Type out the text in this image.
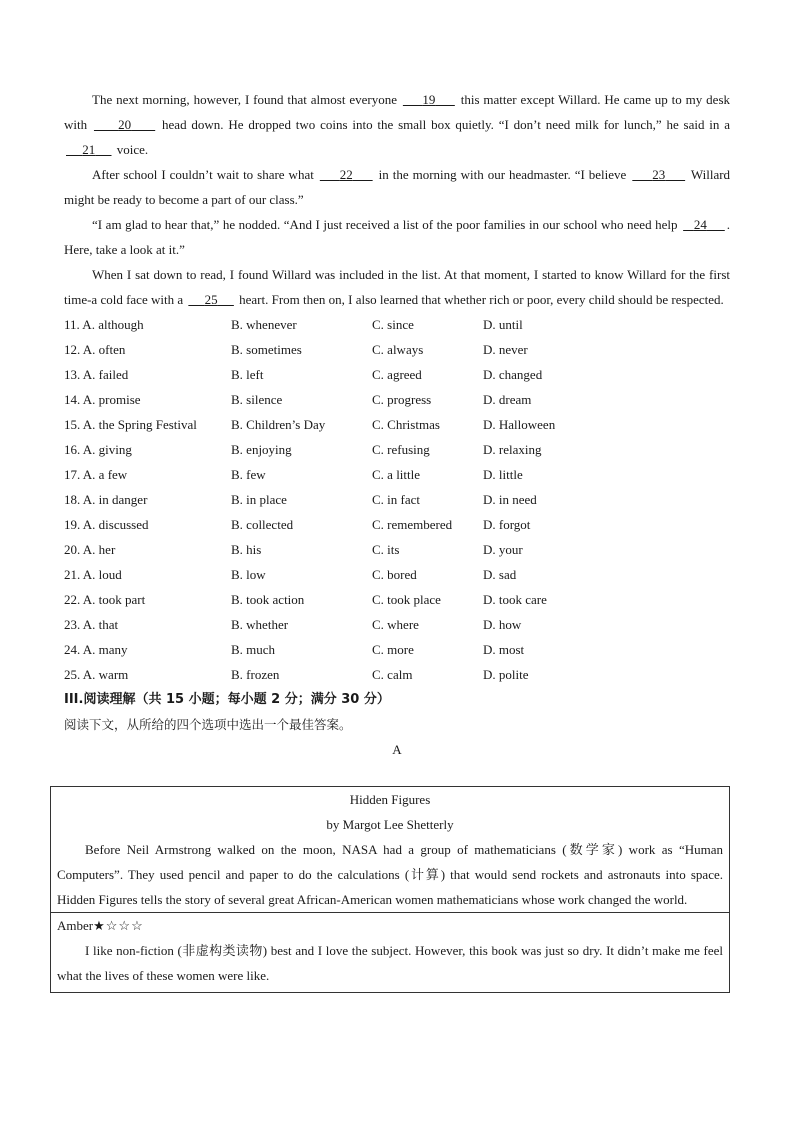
The next morning, however, I found that almost everyone 19 this matter except Willard. He came up to my desk with 20 head down. He dropped two coins into the small box quietly. “I don’t need milk for lunch,” he said in a      21 voice.

After school I couldn’t wait to share what 22 in the morning with our headmaster. “I believe 23 Willard might be ready to become a part of our class.”

“I am glad to hear that,” he nodded. “And I just received a list of the poor families in our school who need help 24 . Here, take a look at it.”

When I sat down to read, I found Willard was included in the list. At that moment, I started to know Willard for the first time-a cold face with a 25 heart. From then on, I also learned that whether rich or poor, every child should be respected.

11. A. although	B. whenever	C. since	D. until
12. A. often	B. sometimes	C. always	D. never
13. A. failed	B. left	C. agreed	D. changed
14. A. promise	B. silence	C. progress	D. dream
15. A. the Spring Festival	B. Children’s Day	C. Christmas	D. Halloween
16. A. giving	B. enjoying	C. refusing	D. relaxing
17. A. a few	B. few	C. a little	D. little
18. A. in danger	B. in place	C. in fact	D. in need
19. A. discussed	B. collected	C. remembered	D. forgot
20. A. her	B. his	C. its	D. your
21. A. loud	B. low	C. bored	D. sad
22. A. took part	B. took action	C. took place	D. took care
23. A. that	B. whether	C. where	D. how
24. A. many	B. much	C. more	D. most
25. A. warm	B. frozen	C. calm	D. polite
III.阅读理解（共 15 小题；每小题 2 分；满分 30 分）
阅读下文，从所给的四个选项中选出一个最佳答案。
A
Hidden Figures
by Margot Lee Shetterly

Before Neil Armstrong walked on the moon, NASA had a group of mathematicians (数学家) work as “Human Computers”. They used pencil and paper to do the calculations (计算) that would send rockets and astronauts into space. Hidden Figures tells the story of several great African-American women mathematicians whose work changed the world.

Amber★☆☆☆

I like non-fiction (非虚构类读物) best and I love the subject. However, this book was just so dry. It didn’t make me feel what the lives of these women were like.
